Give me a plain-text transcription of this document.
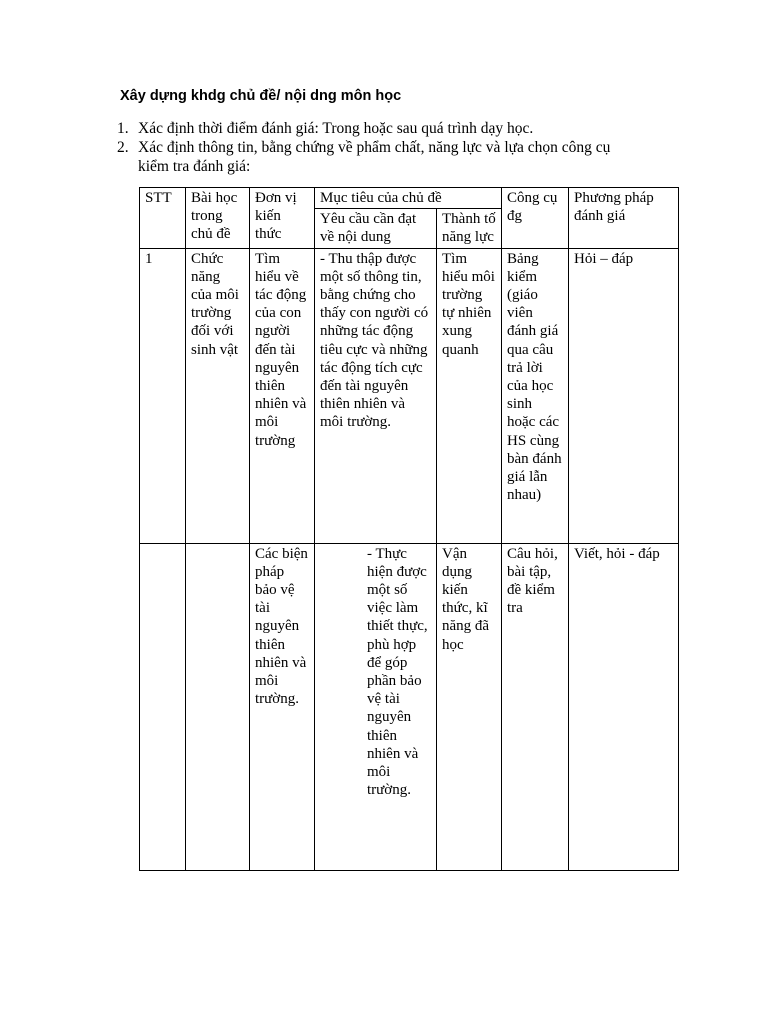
Xây dựng khdg chủ đề/ nội dng môn học
1. Xác định thời điểm đánh giá: Trong hoặc sau quá trình dạy học.
2. Xác định thông tin, bằng chứng về phẩm chất, năng lực và lựa chọn công cụ kiểm tra đánh giá:
STT	Bài học trong chủ đề	Đơn vị kiến thức	Mục tiêu của chủ đề		Công cụ đg	Phương pháp đánh giá
			Yêu cầu cần đạt về nội dung	Thành tố năng lực		
1	Chức năng của môi trường đối với sinh vật	Tìm hiểu về tác động của con người đến tài nguyên thiên nhiên và môi trường	- Thu thập được một số thông tin, bằng chứng cho thấy con người có những tác động tiêu cực và những tác động tích cực đến tài nguyên thiên nhiên và môi trường.	Tìm hiểu môi trường tự nhiên xung quanh	Bảng kiểm (giáo viên đánh giá qua câu trả lời của học sinh hoặc các HS cùng bàn đánh giá lẫn nhau)	Hỏi – đáp
		Các biện pháp bảo vệ tài nguyên thiên nhiên và môi trường.	- Thực hiện được một số việc làm thiết thực, phù hợp để góp phần bảo vệ tài nguyên thiên nhiên và môi trường.	Vận dụng kiến thức, kĩ năng đã học	Câu hỏi, bài tập, đề kiểm tra	Viết, hỏi - đáp
